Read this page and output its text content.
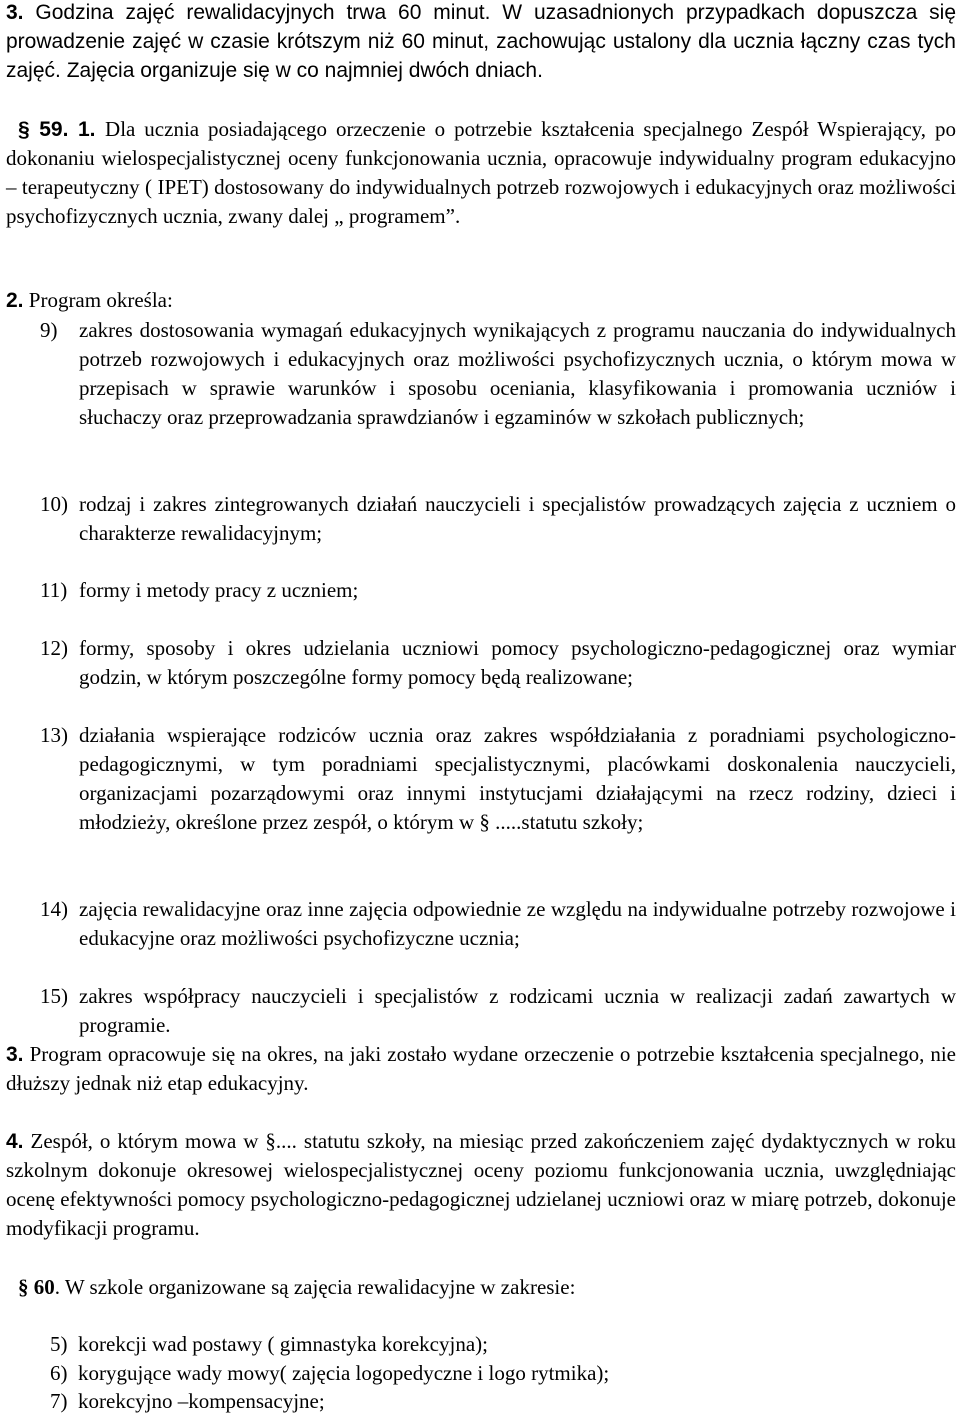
3. Godzina zajęć rewalidacyjnych trwa 60 minut. W uzasadnionych przypadkach dopuszcza się prowadzenie zajęć w czasie krótszym niż 60 minut, zachowując ustalony dla ucznia łączny czas tych zajęć. Zajęcia organizuje się w co najmniej dwóch dniach.

§ 59. 1. Dla ucznia posiadającego orzeczenie o potrzebie kształcenia specjalnego Zespół Wspierający, po dokonaniu wielospecjalistycznej oceny funkcjonowania ucznia, opracowuje indywidualny program edukacyjno – terapeutyczny ( IPET) dostosowany do indywidualnych potrzeb rozwojowych i edukacyjnych oraz możliwości psychofizycznych ucznia, zwany dalej „ programem”.

2. Program określa:

9) zakres dostosowania wymagań edukacyjnych wynikających z programu nauczania do indywidualnych potrzeb rozwojowych i edukacyjnych oraz możliwości psychofizycznych ucznia, o którym mowa w przepisach w sprawie warunków i sposobu oceniania, klasyfikowania i promowania uczniów i słuchaczy oraz przeprowadzania sprawdzianów i egzaminów w szkołach publicznych;
10) rodzaj i zakres zintegrowanych działań nauczycieli i specjalistów prowadzących zajęcia z uczniem o charakterze rewalidacyjnym;
11) formy i metody pracy z uczniem;
12) formy, sposoby i okres udzielania uczniowi pomocy psychologiczno-pedagogicznej oraz wymiar godzin, w którym poszczególne formy pomocy będą realizowane;
13) działania wspierające rodziców ucznia oraz zakres współdziałania z poradniami psychologiczno-pedagogicznymi, w tym poradniami specjalistycznymi, placówkami doskonalenia nauczycieli, organizacjami pozarządowymi oraz innymi instytucjami działającymi na rzecz rodziny, dzieci i młodzieży, określone przez zespół, o którym w § .....statutu szkoły;
14) zajęcia rewalidacyjne oraz inne zajęcia odpowiednie ze względu na indywidualne potrzeby rozwojowe i edukacyjne oraz możliwości psychofizyczne ucznia;
15) zakres współpracy nauczycieli i specjalistów z rodzicami ucznia w realizacji zadań zawartych w programie.

3. Program opracowuje się na okres, na jaki zostało wydane orzeczenie o potrzebie kształcenia specjalnego, nie dłuższy jednak niż etap edukacyjny.

4. Zespół, o którym mowa w §.... statutu szkoły, na miesiąc przed zakończeniem zajęć dydaktycznych w roku szkolnym dokonuje okresowej wielospecjalistycznej oceny poziomu funkcjonowania ucznia, uwzględniając ocenę efektywności pomocy psychologiczno-pedagogicznej udzielanej uczniowi oraz w miarę potrzeb, dokonuje modyfikacji programu.

§ 60. W szkole organizowane są zajęcia rewalidacyjne w zakresie:

5) korekcji wad postawy ( gimnastyka korekcyjna);
6) korygujące wady mowy( zajęcia logopedyczne i logo rytmika);
7) korekcyjno –kompensacyjne;
